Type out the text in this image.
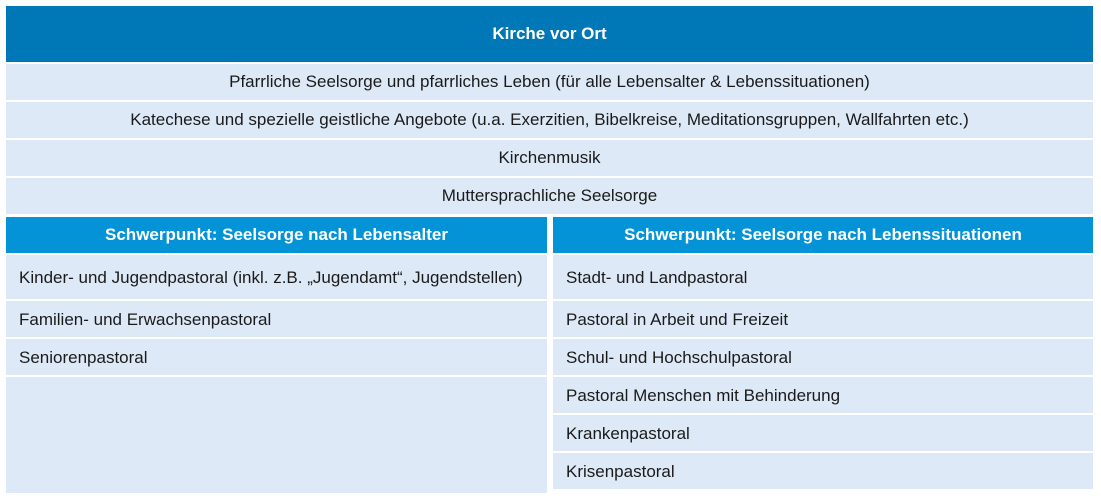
Kirche vor Ort
Pfarrliche Seelsorge und pfarrliches Leben (für alle Lebensalter & Lebenssituationen)
Katechese und spezielle geistliche Angebote (u.a. Exerzitien, Bibelkreise, Meditationsgruppen, Wallfahrten etc.)
Kirchenmusik
Muttersprachliche Seelsorge
Schwerpunkt: Seelsorge nach Lebensalter
Kinder- und Jugendpastoral (inkl. z.B. „Jugendamt“, Jugendstellen)
Familien- und Erwachsenpastoral
Seniorenpastoral
Schwerpunkt: Seelsorge nach Lebenssituationen
Stadt- und Landpastoral
Pastoral in Arbeit und Freizeit
Schul- und Hochschulpastoral
Pastoral Menschen mit Behinderung
Krankenpastoral
Krisenpastoral
